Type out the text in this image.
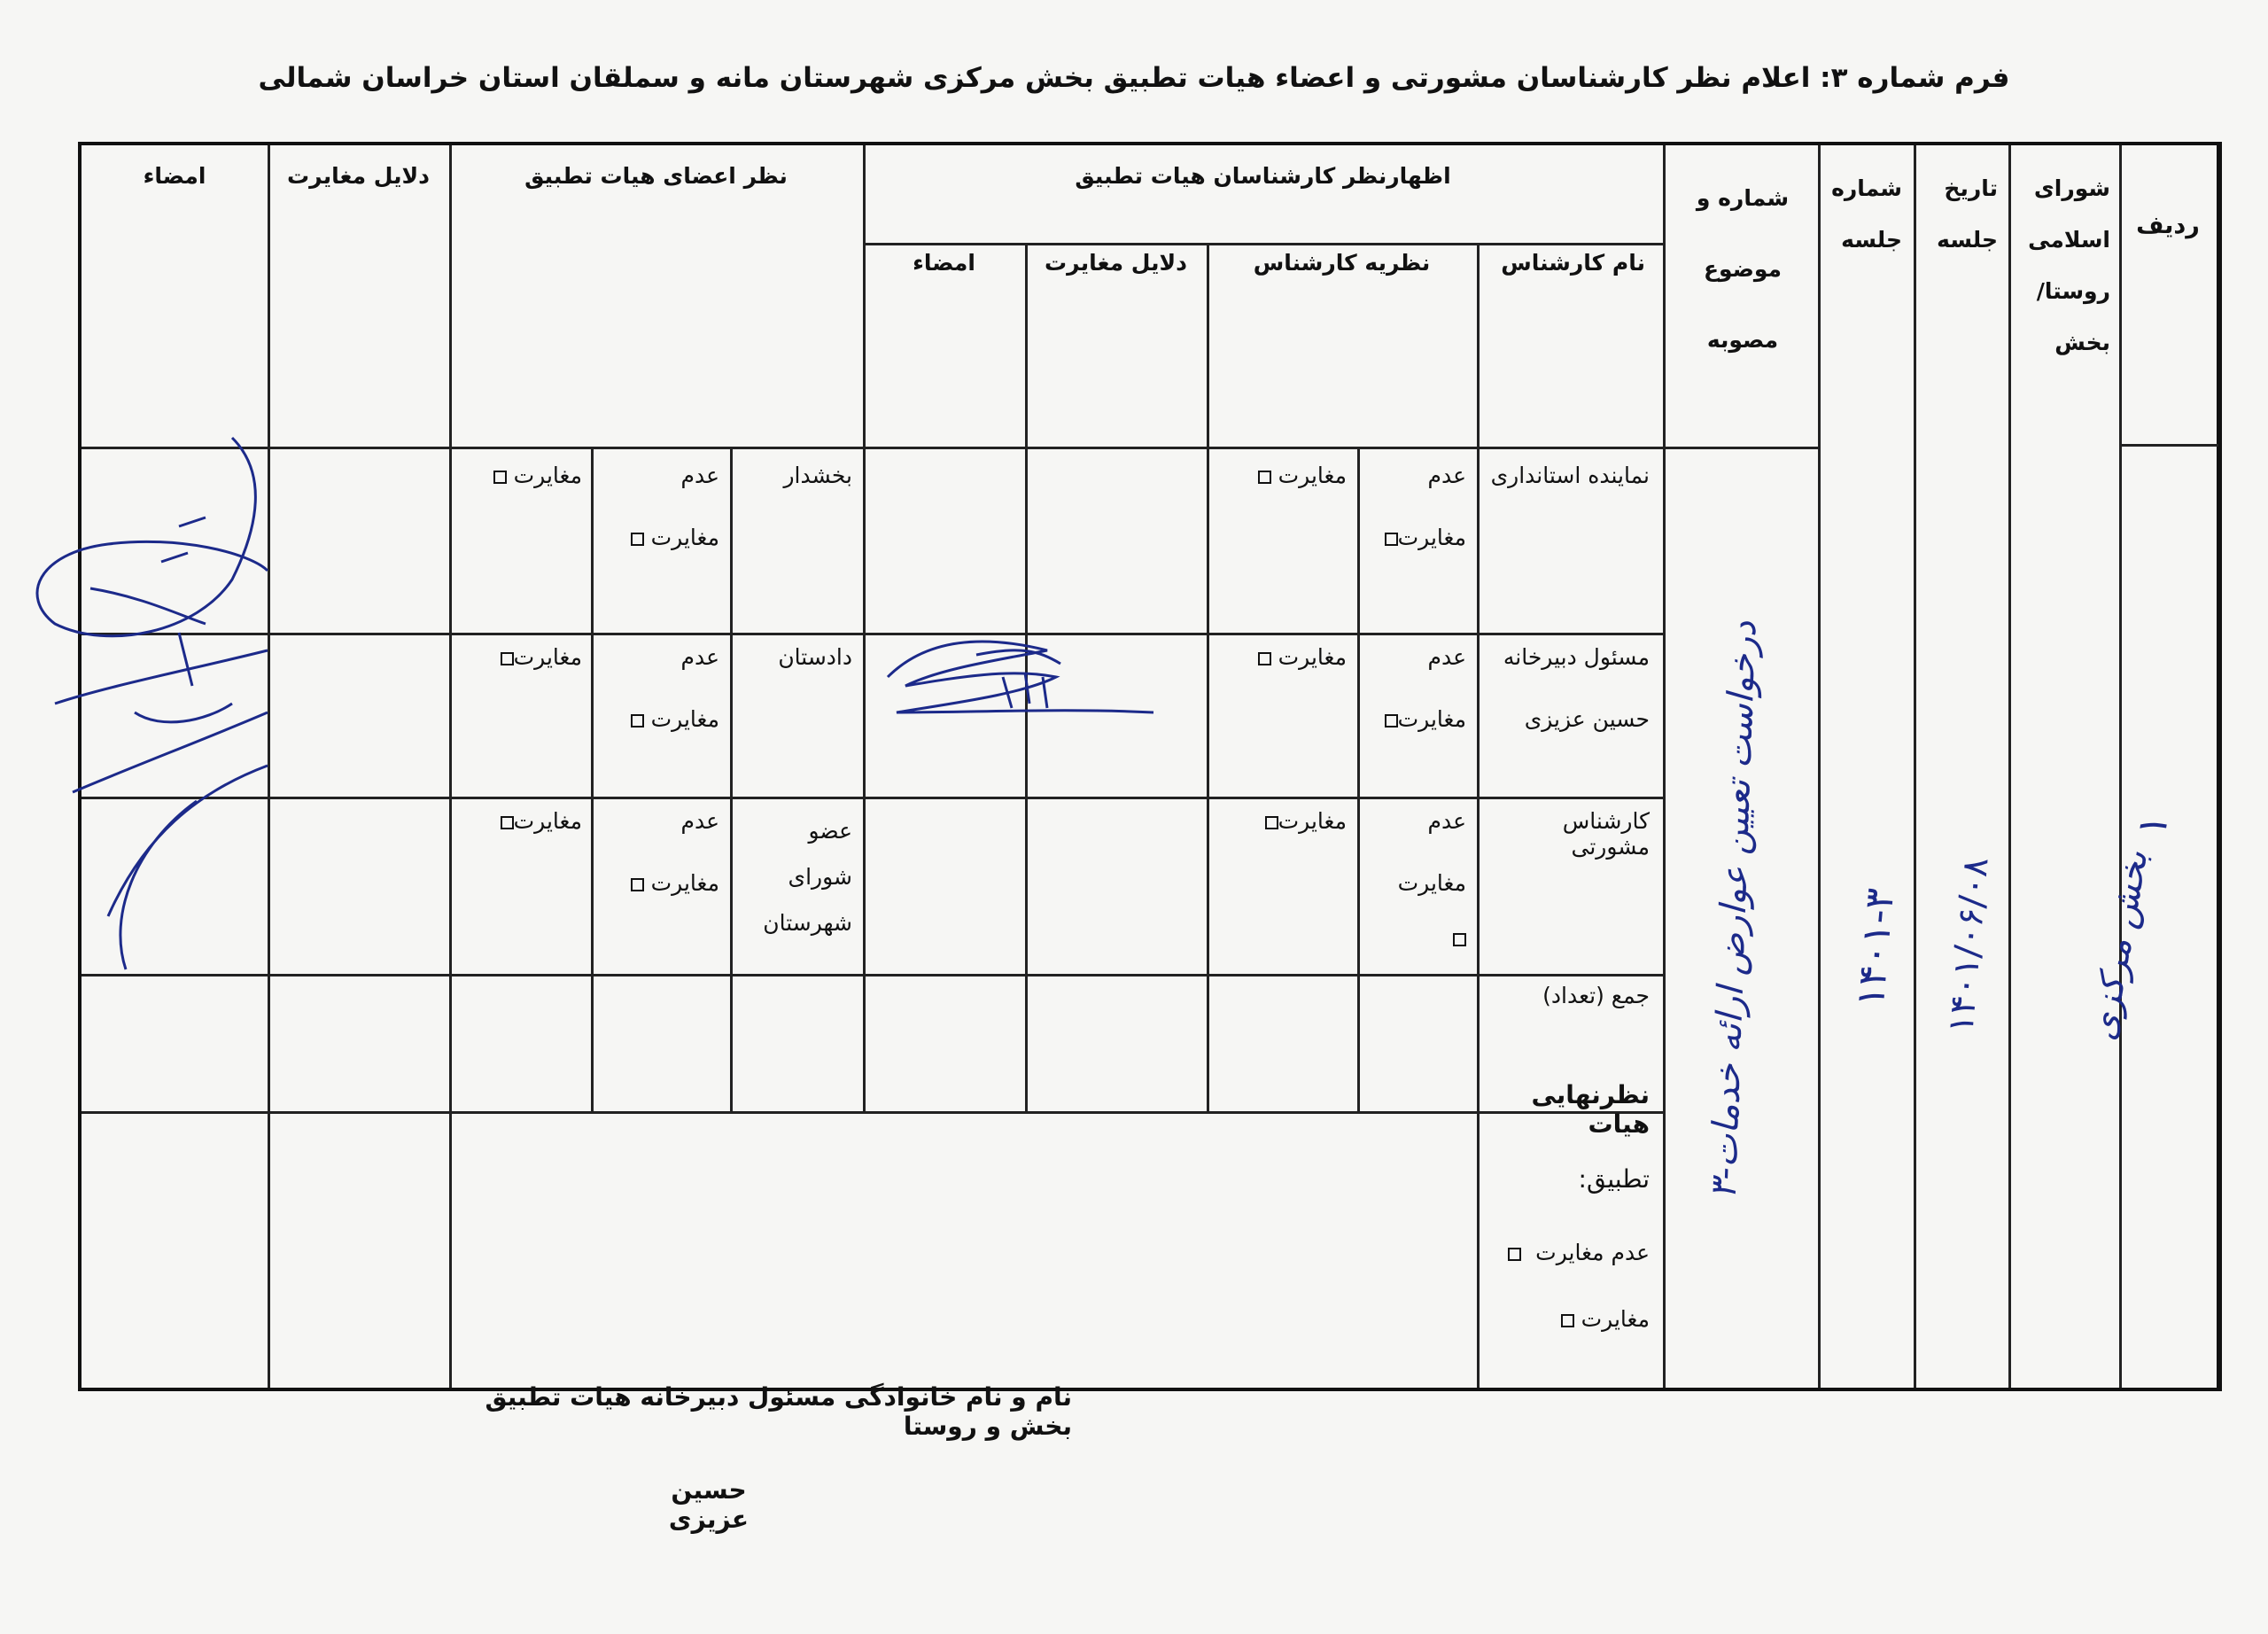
فرم شماره ۳: اعلام نظر کارشناسان مشورتی و اعضاء هیات تطبیق بخش مرکزی شهرستان مانه و سملقان استان خراسان شمالی
ردیف
شورای
اسلامی
روستا/
بخش
تاریخ
جلسه
شماره
جلسه
شماره و
موضوع
مصوبه
اظهارنظر کارشناسان هیات تطبیق
نام کارشناس
نظریه کارشناس
دلایل مغایرت
امضاء
نظر اعضای هیات تطبیق
دلایل مغایرت
امضاء
نماینده استانداری
مسئول دبیرخانه
حسین عزیزی
کارشناس مشورتی
عدم
مغایرت
مغایرت
عدم
مغایرت
مغایرت
عدم
مغایرت
مغایرت
جمع (تعداد)
بخشدار
دادستان
عضو
شورای
شهرستان
عدم
مغایرت
مغایرت
عدم
مغایرت
مغایرت
عدم
مغایرت
مغایرت
نظرنهایی هیات
تطبیق:
عدم مغایرت
مغایرت
۱
بخش مرکزی
۱۴۰۱/۰۶/۰۸
۱۴۰۱-۳
۳-درخواست تعیین عوارض ارائه خدمات
نام و نام خانوادگی مسئول دبیرخانه هیات تطبیق بخش و روستا
حسین عزیزی
